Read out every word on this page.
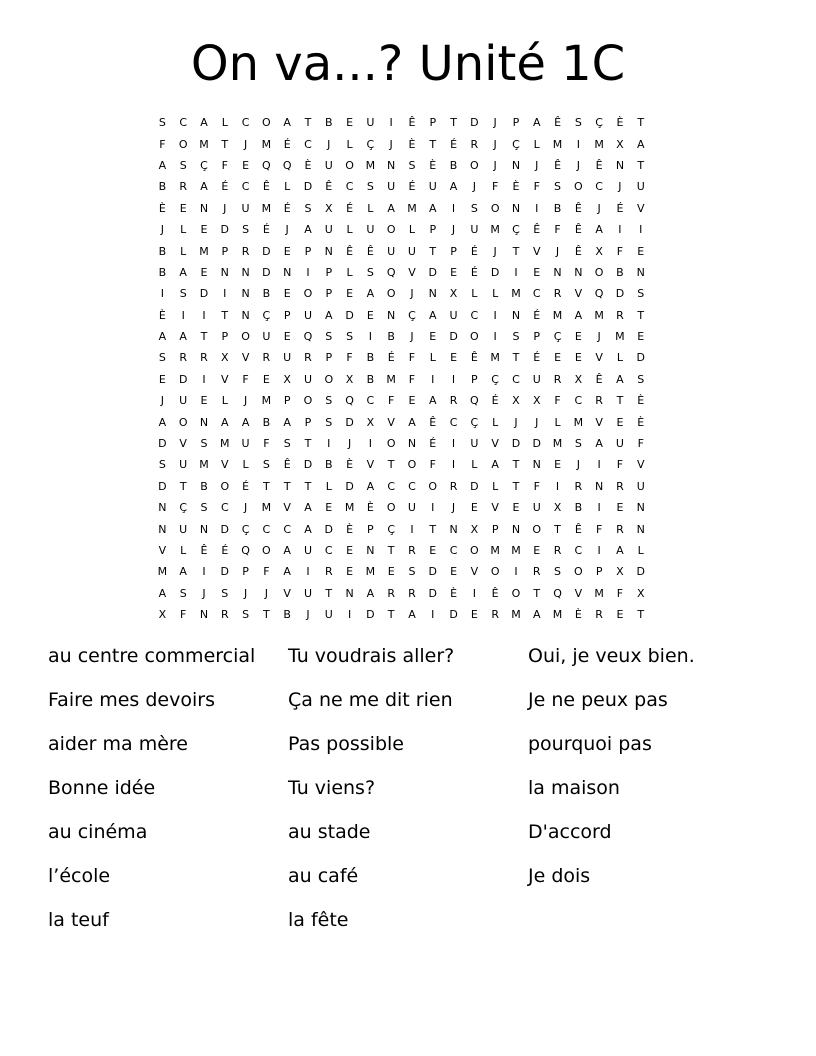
On va...? Unité 1C
S	C	A	L	C	O	A	T	B	E	U	I	Ê	P	T	D	J	P	A	Ê	S	Ç	È	T
F	O	M	T	J	M	É	C	J	L	Ç	J	È	T	É	R	J	Ç	L	M	I	M	X	A
A	S	Ç	F	E	Q	Q	È	U	O	M	N	S	È	B	O	J	N	J	Ê	J	Ê	N	T
B	R	A	É	C	Ê	L	D	Ê	C	S	U	É	U	A	J	F	È	F	S	O	C	J	U
È	E	N	J	U	M	É	S	X	É	L	A	M	A	I	S	O	N	I	B	Ê	J	É	V
J	L	E	D	S	É	J	A	U	L	U	O	L	P	J	U	M	Ç	Ê	F	Ê	A	I	I
B	L	M	P	R	D	E	P	N	Ê	Ê	U	U	T	P	É	J	T	V	J	Ê	X	F	E
B	A	E	N	N	D	N	I	P	L	S	Q	V	D	E	É	D	I	E	N	N	O	B	N
I	S	D	I	N	B	E	O	P	E	A	O	J	N	X	L	L	M	C	R	V	Q	D	S
È	I	I	T	N	Ç	P	U	A	D	E	N	Ç	A	U	C	I	N	É	M	A	M	R	T
A	A	T	P	O	U	E	Q	S	S	I	B	J	E	D	O	I	S	P	Ç	E	J	M	E
S	R	R	X	V	R	U	R	P	F	B	É	F	L	E	Ê	M	T	É	E	E	V	L	D
E	D	I	V	F	E	X	U	O	X	B	M	F	I	I	P	Ç	C	U	R	X	Ê	A	S
J	U	E	L	J	M	P	O	S	Q	C	F	E	A	R	Q	É	X	X	F	C	R	T	È
A	O	N	A	A	B	A	P	S	D	X	V	A	Ê	C	Ç	L	J	J	L	M	V	E	È
D	V	S	M	U	F	S	T	I	J	I	O	N	É	I	U	V	D	D	M	S	A	U	F
S	U	M	V	L	S	Ê	D	B	È	V	T	O	F	I	L	A	T	N	E	J	I	F	V
D	T	B	O	É	T	T	T	L	D	A	C	C	O	R	D	L	T	F	I	R	N	R	U
N	Ç	S	C	J	M	V	A	E	M	È	O	U	I	J	E	V	E	U	X	B	I	E	N
N	U	N	D	Ç	C	C	A	D	È	P	Ç	I	T	N	X	P	N	O	T	Ê	F	R	N
V	L	Ê	É	Q	O	A	U	C	E	N	T	R	E	C	O	M	M	E	R	C	I	A	L
M	A	I	D	P	F	A	I	R	E	M	E	S	D	E	V	O	I	R	S	O	P	X	D
A	S	J	S	J	J	V	U	T	N	A	R	R	D	È	I	Ê	O	T	Q	V	M	F	X
X	F	N	R	S	T	B	J	U	I	D	T	A	I	D	E	R	M	A	M	È	R	E	T
au centre commercial
Faire mes devoirs
aider ma mère
Bonne idée
au cinéma
l’école
la teuf
Tu voudrais aller?
Ça ne me dit rien
Pas possible
Tu viens?
au stade
au café
la fête
Oui, je veux bien.
Je ne peux pas
pourquoi pas
la maison
D'accord
Je dois
